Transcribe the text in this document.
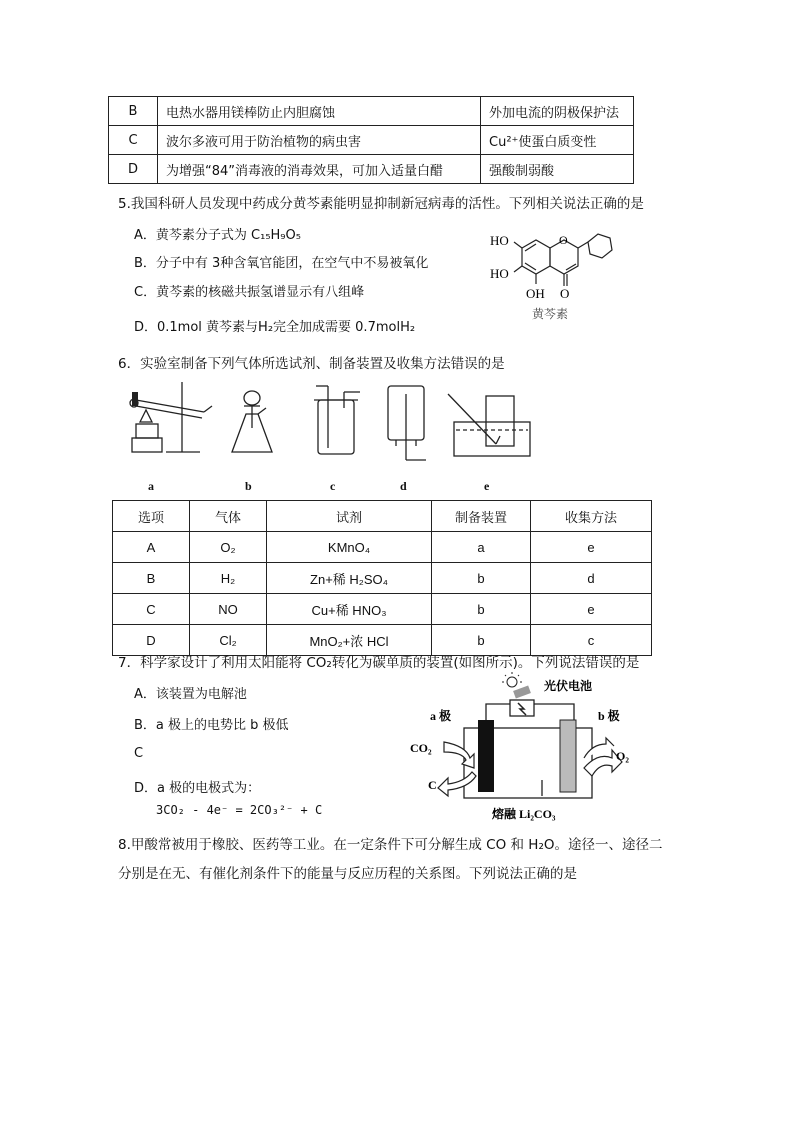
B	电热水器用镁棒防止内胆腐蚀	外加电流的阴极保护法
C	波尔多液可用于防治植物的病虫害	Cu²⁺使蛋白质变性
D	为增强“84”消毒液的消毒效果，可加入适量白醋	强酸制弱酸
5.我国科研人员发现中药成分黄芩素能明显抑制新冠病毒的活性。下列相关说法正确的是
A．黄芩素分子式为 C₁₅H₉O₅
B．分子中有 3种含氧官能团，在空气中不易被氧化
C．黄芩素的核磁共振氢谱显示有八组峰
D．0.1mol 黄芩素与H₂完全加成需要 0.7molH₂
HO
HO
OH
O
O
黄芩素
6．实验室制备下列气体所选试剂、制备装置及收集方法错误的是
a	b	c	d	e
选项	气体	试剂	制备装置	收集方法
A	O₂	KMnO₄	a	e
B	H₂	Zn+稀 H₂SO₄	b	d
C	NO	Cu+稀 HNO₃	b	e
D	Cl₂	MnO₂+浓 HCl	b	c
7．科学家设计了利用太阳能将 CO₂转化为碳单质的装置(如图所示)。下列说法错误的是
A．该装置为电解池
B．a 极上的电势比 b 极低
C
D．a 极的电极式为：
3CO₂ - 4e⁻ = 2CO₃²⁻ + C
光伏电池
a 极	b 极
CO₂
C
O₂
熔融 Li₂CO₃
8.甲酸常被用于橡胶、医药等工业。在一定条件下可分解生成 CO 和 H₂O。途径一、途径二
分别是在无、有催化剂条件下的能量与反应历程的关系图。下列说法正确的是
